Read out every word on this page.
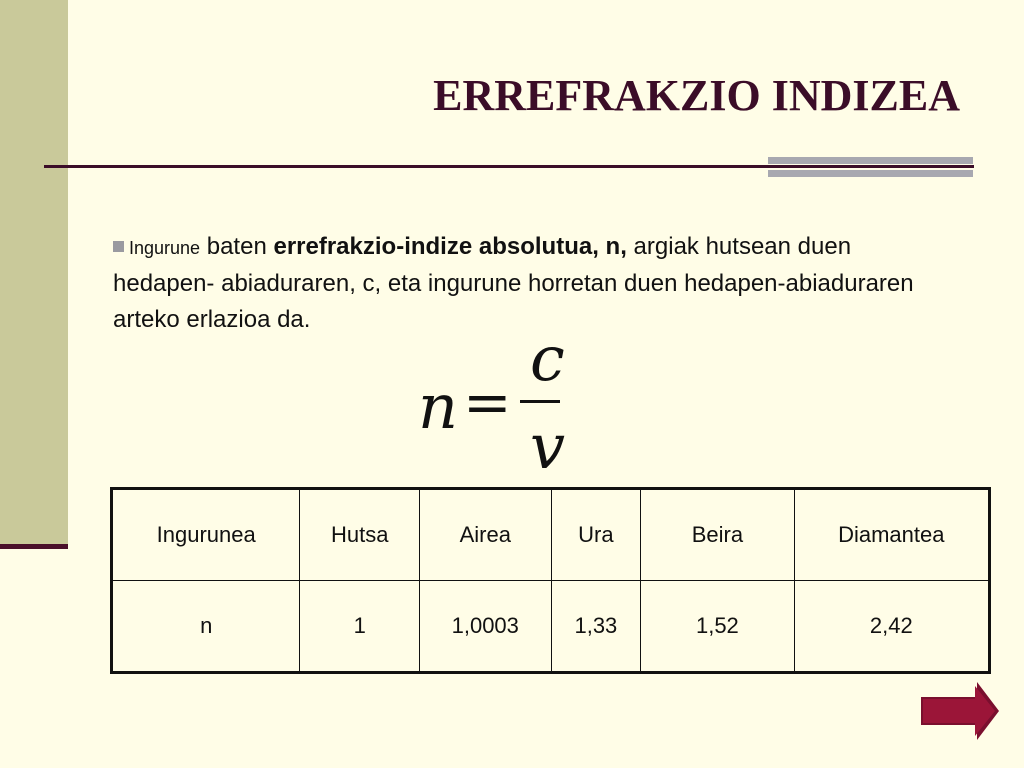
ERREFRAKZIO INDIZEA
Ingurune baten errefrakzio-indize absolutua, n, argiak hutsean duen hedapen- abiaduraren, c, eta ingurune horretan duen hedapen-abiaduraren arteko erlazioa da.
n =
c
v
Ingurunea	Hutsa	Airea	Ura	Beira	Diamantea
n	1	1,0003	1,33	1,52	2,42
